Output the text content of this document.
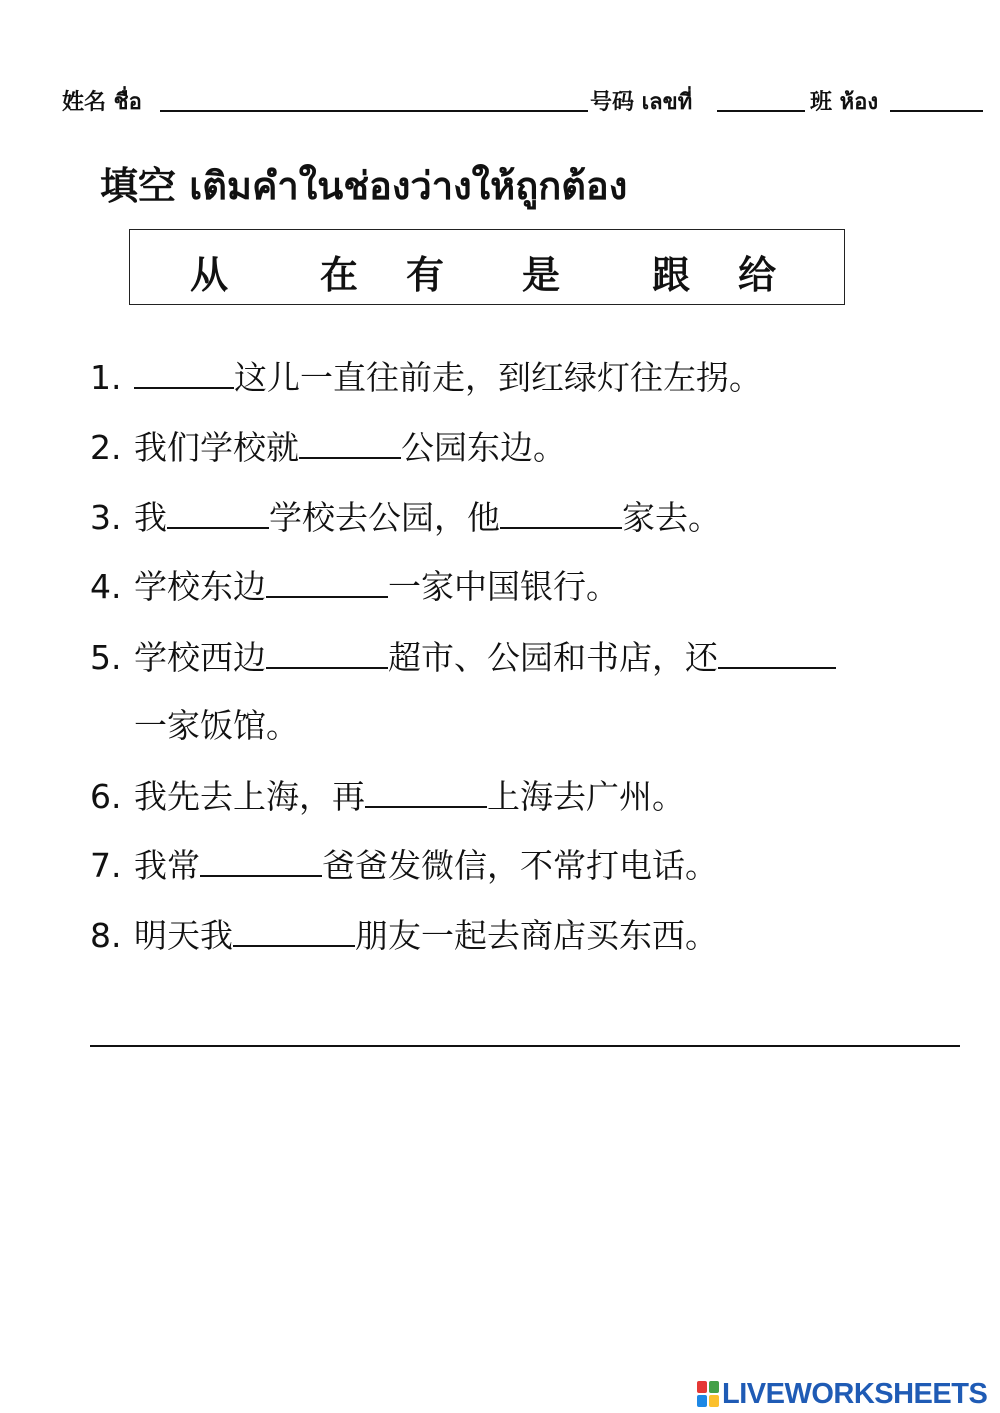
姓名 ชื่อ	号码 เลขที่	班 ห้อง
填空 เติมคำในช่องว่างให้ถูกต้อง
从 在 有 是 跟 给
1.	这儿一直往前走，到红绿灯往左拐。
2. 我们学校就	公园东边。
3. 我	学校去公园，他	家去。
4. 学校东边	一家中国银行。
5. 学校西边	超市、公园和书店，还
一家饭馆。
6. 我先去上海，再	上海去广州。
7. 我常	爸爸发微信，不常打电话。
8. 明天我	朋友一起去商店买东西。
LIVEWORKSHEETS
